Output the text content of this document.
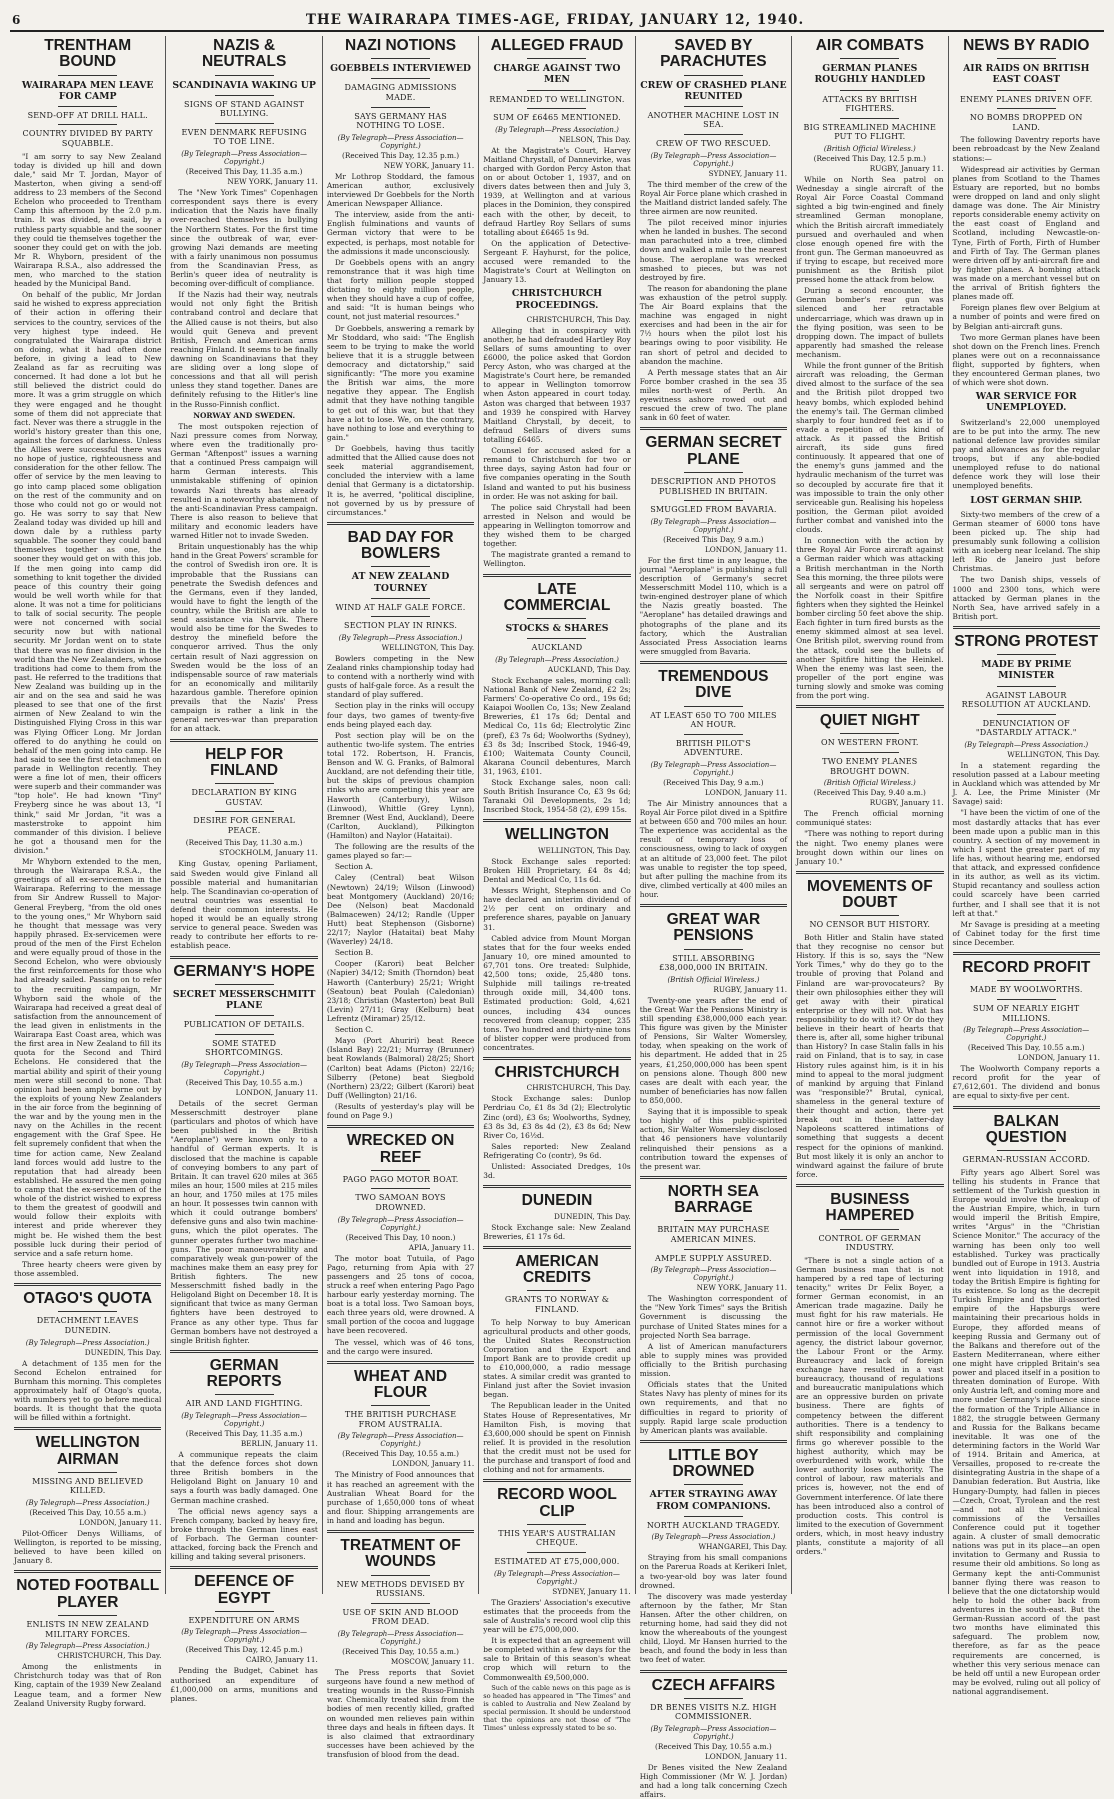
6	THE WAIRARAPA TIMES-AGE, FRIDAY, JANUARY 12, 1940.
TRENTHAM BOUND
WAIRARAPA MEN LEAVE FOR CAMP
SEND-OFF AT DRILL HALL.
COUNTRY DIVIDED BY PARTY SQUABBLE.

"I am sorry to say New Zealand today is divided up hill and down dale," said Mr T. Jordan, Mayor of Masterton, when giving a send-off address to 23 members of the Second Echelon who proceeded to Trentham Camp this afternoon by the 2.0 p.m. train. It was divided, he said, by a ruthless party squabble and the sooner they could tie themselves together the sooner they could get on with the job. Mr R. Whyborn, president of the Wairarapa R.S.A., also addressed the men, who marched to the station headed by the Municipal Band.

On behalf of the public, Mr Jordan said he wished to express appreciation of their action in offering their services to the country, services of the very highest type indeed. He congratulated the Wairarapa district on doing, what it had often done before, in giving a lead to New Zealand as far as recruiting was concerned. It had done a lot but he still believed the district could do more. It was a grim struggle on which they were engaged and he thought some of them did not appreciate that fact. Never was there a struggle in the world's history greater than this one, against the forces of darkness. Unless the Allies were successful there was no hope of justice, righteousness and consideration for the other fellow. The offer of service by the men leaving to go into camp placed some obligation on the rest of the community and on those who could not go or would not go. He was sorry to say that New Zealand today was divided up hill and down dale by a ruthless party squabble. The sooner they could band themselves together as one, the sooner they would get on with this job. If the men going into camp did something to knit together the divided peace of this country their going would be well worth while for that alone. It was not a time for politicians to talk of social security. The people were not concerned with social security now but with national security. Mr Jordan went on to state that there was no finer division in the world than the New Zealanders, whose traditions had come to them from the past. He referred to the traditions that New Zealand was building up in the air and on the sea and said he was pleased to see that one of the first airmen of New Zealand to win the Distinguished Flying Cross in this war was Flying Officer Long. Mr Jordan offered to do anything he could on behalf of the men going into camp. He had said to see the first detachment on parade in Wellington recently. They were a fine lot of men, their officers were superb and their commander was "top hole". He had known "Tiny" Freyberg since he was about 13, "I think," said Mr Jordan, "it was a masterstroke to appoint him commander of this division. I believe he got a thousand men for the division."

Mr Whyborn extended to the men, through the Wairarapa R.S.A., the greetings of all ex-servicemen in the Wairarapa. Referring to the message from Sir Andrew Russell to Major-General Freyberg, "from the old ones to the young ones," Mr Whyborn said he thought that message was very happily phrased. Ex-servicemen were proud of the men of the First Echelon and were equally proud of those in the Second Echelon, who were obviously the first reinforcements for those who had already sailed. Passing on to refer to the recruiting campaign, Mr Whyborn said the whole of the Wairarapa had received a great deal of satisfaction from the announcement of the lead given in enlistments in the Wairarapa East Coast area, which was the first area in New Zealand to fill its quota for the Second and Third Echelons. He considered that the martial ability and spirit of their young men were still second to none. That opinion had been amply borne out by the exploits of young New Zealanders in the air force from the beginning of the war and by the young men in the navy on the Achilles in the recent engagement with the Graf Spee. He felt supremely confident that when the time for action came, New Zealand land forces would add lustre to the reputation that had already been established. He assured the men going to camp that the ex-servicemen of the whole of the district wished to express to them the greatest of goodwill and would follow their exploits with interest and pride wherever they might be. He wished them the best possible luck during their period of service and a safe return home.

Three hearty cheers were given by those assembled.

OTAGO'S QUOTA
DETACHMENT LEAVES DUNEDIN.
(By Telegraph—Press Association.)
DUNEDIN, This Day.

A detachment of 135 men for the Second Echelon entrained for Burnham this morning. This completes approximately half of Otago's quota, with numbers yet to go before medical boards. It is thought that the quota will be filled within a fortnight.

WELLINGTON AIRMAN
MISSING AND BELIEVED KILLED.
(By Telegraph—Press Association.)
(Received This Day, 10.55 a.m.)
LONDON, January 11.

Pilot-Officer Denys Williams, of Wellington, is reported to be missing, believed to have been killed on January 8.

NOTED FOOTBALL PLAYER
ENLISTS IN NEW ZEALAND MILITARY FORCES.
(By Telegraph—Press Association.)
CHRISTCHURCH, This Day.

Among the enlistments in Christchurch today was that of Ron King, captain of the 1939 New Zealand League team, and a former New Zealand University Rugby forward.

NAZIS & NEUTRALS
SCANDINAVIA WAKING UP
SIGNS OF STAND AGAINST BULLYING.
EVEN DENMARK REFUSING TO TOE LINE.
(By Telegraph—Press Association—Copyright.)
(Received This Day, 11.35 a.m.)
NEW YORK, January 11.

The "New York Times" Copenhagen correspondent says there is every indication that the Nazis have finally over-reached themselves in bullying the Northern States. For the first time since the outbreak of war, ever-growing Nazi demands are meeting with a fairly unanimous non possumus from the Scandinavian Press, as Berlin's queer idea of neutrality is becoming over-difficult of compliance.

If the Nazis had their way, neutrals would not only fight the British contraband control and declare that the Allied cause is not theirs, but also would quit Geneva and prevent British, French and American arms reaching Finland. It seems to be finally dawning on Scandinavians that they are sliding over a long slope of concessions and that all will perish unless they stand together. Danes are definitely refusing to the Hitler's line in the Russo-Finnish conflict.

NORWAY AND SWEDEN.

The most outspoken rejection of Nazi pressure comes from Norway, where even the traditionally pro-German "Aftenpost" issues a warning that a continued Press campaign will harm German interests. This unmistakable stiffening of opinion towards Nazi threats has already resulted in a noteworthy abatement of the anti-Scandinavian Press campaign. There is also reason to believe that military and economic leaders have warned Hitler not to invade Sweden.

Britain unquestionably has the whip hand in the Great Powers' scramble for the control of Swedish iron ore. It is improbable that the Russians can penetrate the Swedish defences and the Germans, even if they landed, would have to fight the length of the country, while the British are able to send assistance via Narvik. There would also be time for the Swedes to destroy the minefield before the conqueror arrived. Thus the only certain result of Nazi aggression on Sweden would be the loss of an indispensable source of raw materials for an economically and militarily hazardous gamble. Therefore opinion prevails that the Nazis' Press campaign is rather a link in the general nerves-war than preparation for an attack.

HELP FOR FINLAND
DECLARATION BY KING GUSTAV.
DESIRE FOR GENERAL PEACE.
(Received This Day, 11.30 a.m.)
STOCKHOLM, January 11.

King Gustav, opening Parliament, said Sweden would give Finland all possible material and humanitarian help. The Scandinavian co-operation of neutral countries was essential to defend their common interests. He hoped it would be an equally strong service to general peace. Sweden was ready to contribute her efforts to re-establish peace.

GERMANY'S HOPE
SECRET MESSERSCHMITT PLANE
PUBLICATION OF DETAILS.
SOME STATED SHORTCOMINGS.
(By Telegraph—Press Association—Copyright.)
(Received This Day, 10.55 a.m.)
LONDON, January 11.

Details of the secret German Messerschmitt destroyer plane (particulars and photos of which have been published in the British "Aeroplane") were known only to a handful of German experts. It is disclosed that the machine is capable of conveying bombers to any part of Britain. It can travel 620 miles at 365 miles an hour, 1500 miles at 215 miles an hour, and 1750 miles at 175 miles an hour. It possesses twin cannon with which it could outrange bombers' defensive guns and also twin machine-guns, which the pilot operates. The gunner operates further two machine-guns. The poor manoeuvrability and comparatively weak gun-power of the machines make them an easy prey for British fighters. The new Messerschmitt fished badly in the Heligoland Bight on December 18. It is significant that twice as many German fighters have been destroyed to France as any other type. Thus far German bombers have not destroyed a single British fighter.

GERMAN REPORTS
AIR AND LAND FIGHTING.
(By Telegraph—Press Association—Copyright.)
(Received This Day, 11.35 a.m.)
BERLIN, January 11.

A communique repeats the claim that the defence forces shot down three British bombers in the Heligoland Bight on January 10 and says a fourth was badly damaged. One German machine crashed.

The official news agency says a French company, backed by heavy fire, broke through the German lines east of Forbach. The German counter-attacked, forcing back the French and killing and taking several prisoners.

DEFENCE OF EGYPT
EXPENDITURE ON ARMS
(By Telegraph—Press Association—Copyright.)
(Received This Day, 12.45 p.m.)
CAIRO, January 11.

Pending the Budget, Cabinet has authorised an expenditure of £1,000,000 on arms, munitions and planes.

NAZI NOTIONS
GOEBBELS INTERVIEWED
DAMAGING ADMISSIONS MADE.
SAYS GERMANY HAS NOTHING TO LOSE.
(By Telegraph—Press Association—Copyright.)
(Received This Day, 12.35 p.m.)
NEW YORK, January 11.

Mr Lothrop Stoddard, the famous American author, exclusively interviewed Dr Goebbels for the North American Newspaper Alliance.

The interview, aside from the anti-English fulminations and vaunts of German victory that were to be expected, is perhaps, most notable for the admissions it made unconsciously.

Dr Goebbels opens with an angry remonstrance that it was high time that forty million people stopped dictating to eighty million people, when they should have a cup of coffee, and said: "It is human beings who count, not just material resources."

Dr Goebbels, answering a remark by Mr Stoddard, who said: "The English seem to be trying to make the world believe that it is a struggle between democracy and dictatorship," said significantly: "The more you examine the British war aims, the more negative they appear. The English admit that they have nothing tangible to get out of this war, but that they have a lot to lose. We, on the contrary, have nothing to lose and everything to gain."

Dr Goebbels, having thus tacitly admitted that the Allied cause does not seek material aggrandisement, concluded the interview with a lame denial that Germany is a dictatorship. It is, he averred, "political discipline, not governed by us by pressure of circumstances."

BAD DAY FOR BOWLERS
AT NEW ZEALAND TOURNEY
WIND AT HALF GALE FORCE.
SECTION PLAY IN RINKS.
(By Telegraph—Press Association.)
WELLINGTON, This Day.

Bowlers competing in the New Zealand rinks championship today had to contend with a northerly wind with gusts of half-gale force. As a result the standard of play suffered.

Section play in the rinks will occupy four days, two games of twenty-five ends being played each day.

Post section play will be on the authentic two-life system. The entries total 172. Robertson, H. Francis, Benson and W. G. Franks, of Balmoral Auckland, are not defending their title, but the skips of previous champion rinks who are competing this year are Haworth (Canterbury), Wilson (Linwood), Whittle (Grey Lynn), Bremner (West End, Auckland), Deere (Carlton, Auckland), Pilkington (Hamilton) and Naylor (Hataitai).

The following are the results of the games played so far:—

Section A.

Caley (Central) beat Wilson (Newtown) 24/19; Wilson (Linwood) beat Montgomery (Auckland) 20/16; Dee (Nelson) beat Macdonald (Balmacewen) 24/12; Randle (Upper Hutt) beat Stephenson (Gisborne) 22/17; Naylor (Hataitai) beat Mahy (Waverley) 24/18.

Section B.

Cooper (Karori) beat Belcher (Napier) 34/12; Smith (Thorndon) beat Haworth (Canterbury) 25/21; Wright (Seatoun) beat Poulah (Caledonian) 23/18; Christian (Masterton) beat Bull (Levin) 27/11; Gray (Kelburn) beat Lefrentz (Miramar) 25/12.

Section C.

Mayo (Port Ahuriri) beat Reece (Island Bay) 22/21; Murray (Brunner) beat Rowlands (Balmoral) 28/25; Short (Carlton) beat Adams (Picton) 22/16; Silberry (Petone) beat Siegbold (Northern) 23/22; Gilbert (Karori) beat Duff (Wellington) 21/16.

(Results of yesterday's play will be found on Page 9.)

WRECKED ON REEF
PAGO PAGO MOTOR BOAT.
TWO SAMOAN BOYS DROWNED.
(By Telegraph—Press Association—Copyright.)
(Received This Day, 10 noon.)
APIA, January 11.

The motor boat Tutuila, of Pago Pago, returning from Apia with 27 passengers and 25 tons of cocoa, struck a reef when entering Pago Pago harbour early yesterday morning. The boat is a total loss. Two Samoan boys, each three years old, were drowned. A small portion of the cocoa and luggage have been recovered.

The vessel, which was of 46 tons, and the cargo were insured.

WHEAT AND FLOUR
THE BRITISH PURCHASE FROM AUSTRALIA.
(By Telegraph—Press Association—Copyright.)
(Received This Day, 10.55 a.m.)
LONDON, January 11.

The Ministry of Food announces that it has reached an agreement with the Australian Wheat Board for the purchase of 1,650,000 tons of wheat and flour. Shipping arrangements are in hand and loading has begun.

TREATMENT OF WOUNDS
NEW METHODS DEVISED BY RUSSIANS.
USE OF SKIN AND BLOOD FROM DEAD.
(By Telegraph—Press Association—Copyright.)
(Received This Day, 10.55 a.m.)
MOSCOW, January 11.

The Press reports that Soviet surgeons have found a new method of treating wounds in the Russo-Finnish war. Chemically treated skin from the bodies of men recently killed, grafted on wounded men relieves pain within three days and heals in fifteen days. It is also claimed that extraordinary successes have been achieved by the transfusion of blood from the dead.

ALLEGED FRAUD
CHARGE AGAINST TWO MEN
REMANDED TO WELLINGTON.
SUM OF £6465 MENTIONED.
(By Telegraph—Press Association.)
NELSON, This Day.

At the Magistrate's Court, Harvey Maitland Chrystall, of Dannevirke, was charged with Gordon Percy Aston that on or about October 1, 1937, and on divers dates between then and July 3, 1939, at Wellington and at various places in the Dominion, they conspired each with the other, by deceit, to defraud Hartley Roy Sellars of sums totalling about £6465 1s 9d.

On the application of Detective-Sergeant F. Hayhurst, for the police, accused were remanded to the Magistrate's Court at Wellington on January 13.

CHRISTCHURCH PROCEEDINGS.
CHRISTCHURCH, This Day.

Alleging that in conspiracy with another, he had defrauded Hartley Roy Sellars of sums amounting to over £6000, the police asked that Gordon Percy Aston, who was charged at the Magistrate's Court here, be remanded to appear in Wellington tomorrow when Aston appeared in court today. Aston was charged that between 1937 and 1939 he conspired with Harvey Maitland Chrystall, by deceit, to defraud Sellars of divers sums totalling £6465.

Counsel for accused asked for a remand to Christchurch for two or three days, saying Aston had four or five companies operating in the South Island and wanted to put his business in order. He was not asking for bail.

The police said Chrystall had been arrested in Nelson and would be appearing in Wellington tomorrow and they wished them to be charged together.

The magistrate granted a remand to Wellington.

LATE COMMERCIAL
STOCKS & SHARES
AUCKLAND
(By Telegraph—Press Association.)
AUCKLAND, This Day.

Stock Exchange sales, morning call: National Bank of New Zealand, £2 2s; Farmers' Co-operative Co ord., 19s 6d; Kaiapoi Woollen Co, 13s; New Zealand Breweries, £1 17s 6d; Dental and Medical Co, 11s 6d; Electrolytic Zinc (pref), £3 7s 6d; Woolworths (Sydney), £3 8s 3d; Inscribed Stock, 1946-49, £100; Waitemata County Council, Akarana Council debentures, March 31, 1963, £101.

Stock Exchange sales, noon call: South British Insurance Co, £3 9s 6d; Taranaki Oil Developments, 2s 1d; Inscribed Stock, 1954-58 (2), £99 15s.

WELLINGTON
WELLINGTON, This Day.

Stock Exchange sales reported: Broken Hill Proprietary, £4 8s 4d; Dental and Medical Co, 11s 6d.

Messrs Wright, Stephenson and Co have declared an interim dividend of 2½ per cent on ordinary and preference shares, payable on January 31.

Cabled advice from Mount Morgan states that for the four weeks ended January 10, ore mined amounted to 67,701 tons. Ore treated: Sulphide, 42,500 tons; oxide, 25,480 tons. Sulphide mill tailings re-treated through oxide mill, 34,400 tons. Estimated production: Gold, 4,621 ounces, including 434 ounces recovered from cleanup; copper, 235 tons. Two hundred and thirty-nine tons of blister copper were produced from concentrates.

CHRISTCHURCH
CHRISTCHURCH, This Day.

Stock Exchange sales: Dunlop Perdriau Co, £1 8s 3d (2); Electrolytic Zinc (ord), £3 6s; Woolworths, Sydney, £3 8s 3d, £3 8s 4d (2), £3 8s 6d; New River Co, 16½d.

Sales reported: New Zealand Refrigerating Co (contr), 9s 6d.

Unlisted: Associated Dredges, 10s 3d.

DUNEDIN
DUNEDIN, This Day.

Stock Exchange sale: New Zealand Breweries, £1 17s 6d.

AMERICAN CREDITS
GRANTS TO NORWAY & FINLAND.

To help Norway to buy American agricultural products and other goods, the United States Reconstruction Corporation and the Export and Import Bank are to provide credit up to £10,000,000, a radio message states. A similar credit was granted to Finland just after the Soviet invasion began.

The Republican leader in the United States House of Representatives, Mr Hamilton Fish, is moving that £3,600,000 should be spent on Finnish relief. It is provided in the resolution that the credit must not be used for the purchase and transport of food and clothing and not for armaments.

RECORD WOOL CLIP
THIS YEAR'S AUSTRALIAN CHEQUE.
ESTIMATED AT £75,000,000.
(By Telegraph—Press Association—Copyright.)
SYDNEY, January 11.

The Graziers' Association's executive estimates that the proceeds from the sale of Australia's record wool clip this year will be £75,000,000.

It is expected that an agreement will be completed within a few days for the sale to Britain of this season's wheat crop which will return to the Commonwealth £9,500,000.

Such of the cable news on this page as is so headed has appeared in "The Times" and is cabled to Australia and New Zealand by special permission. It should be understood that the opinions are not those of "The Times" unless expressly stated to be so.

SAVED BY PARACHUTES
CREW OF CRASHED PLANE REUNITED
ANOTHER MACHINE LOST IN SEA.
CREW OF TWO RESCUED.
(By Telegraph—Press Association—Copyright.)
SYDNEY, January 11.

The third member of the crew of the Royal Air Force plane which crashed in the Maitland district landed safely. The three airmen are now reunited.

The pilot received minor injuries when he landed in bushes. The second man parachuted into a tree, climbed down and walked a mile to the nearest house. The aeroplane was wrecked smashed to pieces, but was not destroyed by fire.

The reason for abandoning the plane was exhaustion of the petrol supply. The Air Board explains that the machine was engaged in night exercises and had been in the air for 7½ hours when the pilot lost his bearings owing to poor visibility. He ran short of petrol and decided to abandon the machine.

A Perth message states that an Air Force bomber crashed in the sea 35 miles north-west of Perth. An eyewitness ashore rowed out and rescued the crew of two. The plane sank in 60 feet of water.

GERMAN SECRET PLANE
DESCRIPTION AND PHOTOS PUBLISHED IN BRITAIN.
SMUGGLED FROM BAVARIA.
(By Telegraph—Press Association—Copyright.)
(Received This Day, 9 a.m.)
LONDON, January 11.

For the first time in any league, the journal "Aeroplane" is publishing a full description of Germany's secret Messerschmitt Model 110, which is a twin-engined destroyer plane of which the Nazis greatly boasted. The "Aeroplane" has detailed drawings and photographs of the plane and its factory, which the Australian Associated Press Association learns were smuggled from Bavaria.

TREMENDOUS DIVE
AT LEAST 650 TO 700 MILES AN HOUR.
BRITISH PILOT'S ADVENTURE.
(By Telegraph—Press Association—Copyright.)
(Received This Day, 9 a.m.)
LONDON, January 11.

The Air Ministry announces that a Royal Air Force pilot dived in a Spitfire at between 650 and 700 miles an hour. The experience was accidental as the result of temporary loss of consciousness, owing to lack of oxygen at an altitude of 23,000 feet. The pilot was unable to register the top speed, but after pulling the machine from its dive, climbed vertically at 400 miles an hour.

GREAT WAR PENSIONS
STILL ABSORBING £38,000,000 IN BRITAIN.
(British Official Wireless.)
RUGBY, January 11.

Twenty-one years after the end of the Great War the Pensions Ministry is still spending £38,000,000 each year. This figure was given by the Minister of Pensions, Sir Walter Womersley, today, when speaking on the work of his department. He added that in 25 years, £1,250,000,000 has been spent on pensions alone. Though 800 new cases are dealt with each year, the number of beneficiaries has now fallen to 850,000.

Saying that it is impossible to speak too highly of this public-spirited action, Sir Walter Womersley disclosed that 46 pensioners have voluntarily relinquished their pensions as a contribution toward the expenses of the present war.

NORTH SEA BARRAGE
BRITAIN MAY PURCHASE AMERICAN MINES.
AMPLE SUPPLY ASSURED.
(By Telegraph—Press Association—Copyright.)
NEW YORK, January 11.

The Washington correspondent of the "New York Times" says the British Government is discussing the purchase of United States mines for a projected North Sea barrage.

A list of American manufacturers able to supply mines was provided officially to the British purchasing mission.

Officials states that the United States Navy has plenty of mines for its own requirements, and that no difficulties in regard to priority of supply. Rapid large scale production by American plants was available.

LITTLE BOY DROWNED
AFTER STRAYING AWAY FROM COMPANIONS.
NORTH AUCKLAND TRAGEDY.
(By Telegraph—Press Association.)
WHANGAREI, This Day.

Straying from his small companions on the Parerua Roads at Kerikeri Inlet, a two-year-old boy was later found drowned.

The discovery was made yesterday afternoon by the father, Mr Stan Hansen. After the other children, on returning home, had said they did not know the whereabouts of the youngest child, Lloyd. Mr Hansen hurried to the beach, and found the body in less than two feet of water.

CZECH AFFAIRS
DR BENES VISITS N.Z. HIGH COMMISSIONER.
(By Telegraph—Press Association—Copyright.)
(Received This Day, 10.55 a.m.)
LONDON, January 11.

Dr Benes visited the New Zealand High Commissioner (Mr W. J. Jordan) and had a long talk concerning Czech affairs.

AIR COMBATS
GERMAN PLANES ROUGHLY HANDLED
ATTACKS BY BRITISH FIGHTERS.
BIG STREAMLINED MACHINE PUT TO FLIGHT.
(British Official Wireless.)
(Received This Day, 12.5 p.m.)
RUGBY, January 11.

While on North Sea patrol on Wednesday a single aircraft of the Royal Air Force Coastal Command sighted a big twin-engined and finely streamlined German monoplane, which the British aircraft immediately pursued and overhauled and when close enough opened fire with the front gun. The German manoeuvred as if trying to escape, but received more punishment as the British pilot pressed home the attack from below.

During a second encounter, the German bomber's rear gun was silenced and her retractable undercarriage, which was drawn up in the flying position, was seen to be dropping down. The impact of bullets apparently had smashed the release mechanism.

While the front gunner of the British aircraft was reloading, the German dived almost to the surface of the sea and the British pilot dropped two heavy bombs, which exploded behind the enemy's tail. The German climbed sharply to four hundred feet as if to evade a repetition of this kind of attack. As it passed the British aircraft, its side guns fired continuously. It appeared that one of the enemy's guns jammed and the hydraulic mechanism of the turret was so decoupled by accurate fire that it was impossible to train the only other serviceable gun. Realising his hopeless position, the German pilot avoided further combat and vanished into the clouds.

In connection with the action by three Royal Air Force aircraft against a German raider which was attacking a British merchantman in the North Sea this morning, the three pilots were all sergeants and were on patrol off the Norfolk coast in their Spitfire fighters when they sighted the Heinkel bomber circling 50 feet above the ship. Each fighter in turn fired bursts as the enemy skimmed almost at sea level. One British pilot, swerving round from the attack, could see the bullets of another Spitfire hitting the Heinkel. When the enemy was last seen, the propeller of the port engine was turning slowly and smoke was coming from the port wing.

QUIET NIGHT
ON WESTERN FRONT.
TWO ENEMY PLANES BROUGHT DOWN.
(British Official Wireless.)
(Received This Day, 9.40 a.m.)
RUGBY, January 11.

The French official morning communiqué states:

"There was nothing to report during the night. Two enemy planes were brought down within our lines on January 10."

MOVEMENTS OF DOUBT
NO CENSOR BUT HISTORY.

Both Hitler and Stalin have stated that they recognise no censor but History. If this is so, says the "New York Times," why do they go to the trouble of proving that Poland and Finland are war-provocateurs? By their own philosophies either they will get away with their piratical enterprise or they will not. What has responsibility to do with it? Or do they believe in their heart of hearts that there is, after all, some higher tribunal than History? In case Stalin falls in his raid on Finland, that is to say, in case History rules against him, is it in his mind to appeal to the moral judgment of mankind by arguing that Finland was "responsible?" Brutal, cynical, shameless in the general texture of their thought and action, there yet break out in these latter-day Napoleons scattered intimations of something that suggests a decent respect for the opinions of mankind. But most likely it is only an anchor to windward against the failure of brute force.

BUSINESS HAMPERED
CONTROL OF GERMAN INDUSTRY.

"There is not a single action of a German business man that is not hampered by a red tape of lecturing tenacity," writes Dr Felix Boyer, a former German economist, in an American trade magazine. Daily he must fight for his raw materials. He cannot hire or fire a worker without permission of the local Government agency, the district labour governor, the Labour Front or the Army. Bureaucracy and lack of foreign exchange have resulted in a vast bureaucracy, thousand of regulations and bureaucratic manipulations which are an oppressive burden on private business. There are fights of competency between the different authorities. There is a tendency to shift responsibility and complaining firms go wherever possible to the highest authority, which may be overburdened with work, while the lower authority loses authority. The control of labour, raw materials and prices is, however, not the end of Government interference. Of late there has been introduced also a control of production costs. This control is limited to the execution of Government orders, which, in most heavy industry plants, constitute a majority of all orders."

NEWS BY RADIO
AIR RAIDS ON BRITISH EAST COAST
ENEMY PLANES DRIVEN OFF.
NO BOMBS DROPPED ON LAND.

The following Daventry reports have been rebroadcast by the New Zealand stations:—

Widespread air activities by German planes from Scotland to the Thames Estuary are reported, but no bombs were dropped on land and only slight damage was done. The Air Ministry reports considerable enemy activity on the east coast of England and Scotland, including Newcastle-on-Tyne, Firth of Forth, Firth of Humber and Firth of Tay. The German planes were driven off by anti-aircraft fire and by fighter planes. A bombing attack was made on a merchant vessel but on the arrival of British fighters the planes made off.

Foreign planes flew over Belgium at a number of points and were fired on by Belgian anti-aircraft guns.

Two more German planes have been shot down on the French lines. French planes were out on a reconnaissance flight, supported by fighters, when they encountered German planes, two of which were shot down.

WAR SERVICE FOR UNEMPLOYED.

Switzerland's 22,000 unemployed are to be put into the army. The new national defence law provides similar pay and allowances as for the regular troops, but if any able-bodied unemployed refuse to do national defence work they will lose their unemployed benefits.

LOST GERMAN SHIP.

Sixty-two members of the crew of a German steamer of 6000 tons have been picked up. The ship had presumably sunk following a collision with an iceberg near Iceland. The ship left Rio de Janeiro just before Christmas.

The two Danish ships, vessels of 1000 and 2300 tons, which were attacked by German planes in the North Sea, have arrived safely in a British port.

STRONG PROTEST
MADE BY PRIME MINISTER
AGAINST LABOUR RESOLUTION AT AUCKLAND.
DENUNCIATION OF "DASTARDLY ATTACK."
(By Telegraph—Press Association.)
WELLINGTON, This Day.

In a statement regarding the resolution passed at a Labour meeting in Auckland which was attended by Mr J. A. Lee, the Prime Minister (Mr Savage) said:

"I have been the victim of one of the most dastardly attacks that has ever been made upon a public man in this country. A section of my movement in which I spent the greater part of my life has, without hearing me, endorsed that attack, and expressed confidence in its author, as well as its victim. Stupid recantancy and soulless action could scarcely have been carried further, and I shall see that it is not left at that."

Mr Savage is presiding at a meeting of Cabinet today for the first time since December.

RECORD PROFIT
MADE BY WOOLWORTHS.
SUM OF NEARLY EIGHT MILLIONS.
(By Telegraph—Press Association—Copyright.)
(Received This Day, 10.55 a.m.)
LONDON, January 11.

The Woolworth Company reports a record profit for the year of £7,612,601. The dividend and bonus are equal to sixty-five per cent.

BALKAN QUESTION
GERMAN-RUSSIAN ACCORD.

Fifty years ago Albert Sorel was telling his students in France that settlement of the Turkish question in Europe would involve the breakup of the Austrian Empire, which, in turn would imperil the British Empire, writes "Argus" in the "Christian Science Monitor." The accuracy of the warning has been only too well established. Turkey was practically bundled out of Europe in 1913. Austria went into liquidation in 1918, and today the British Empire is fighting for its existence. So long as the decrepit Turkish Empire and the ill-assorted empire of the Hapsburgs were maintaining their precarious holds in Europe, they afforded means of keeping Russia and Germany out of the Balkans and therefore out of the Eastern Mediterranean, where either one might have crippled Britain's sea power and placed itself in a position to threaten domination of Europe. With only Austria left, and coming more and more under Germany's influence since the formation of the Triple Alliance in 1882, the struggle between Germany and Russia for the Balkans became inevitable. It was one of the determining factors in the World War of 1914. Britain and America, at Versailles, proposed to re-create the disintegrating Austria in the shape of a Danubian federation. But Austria, like Hungary-Dumpty, had fallen in pieces—Czech, Croat, Tyrolean and the rest—and not all the technical commissions of the Versailles Conference could put it together again. A cluster of small democratic nations was put in its place—an open invitation to Germany and Russia to resume their old ambitions. So long as Germany kept the anti-Communist banner flying there was reason to believe that the one dictatorship would help to hold the other back from adventures in the south-east. But the German-Russian accord of the past two months have eliminated this safeguard. The problem now, therefore, as far as the peace requirements are concerned, is whether this very serious menace can be held off until a new European order may be evolved, ruling out all policy of national aggrandisement.
